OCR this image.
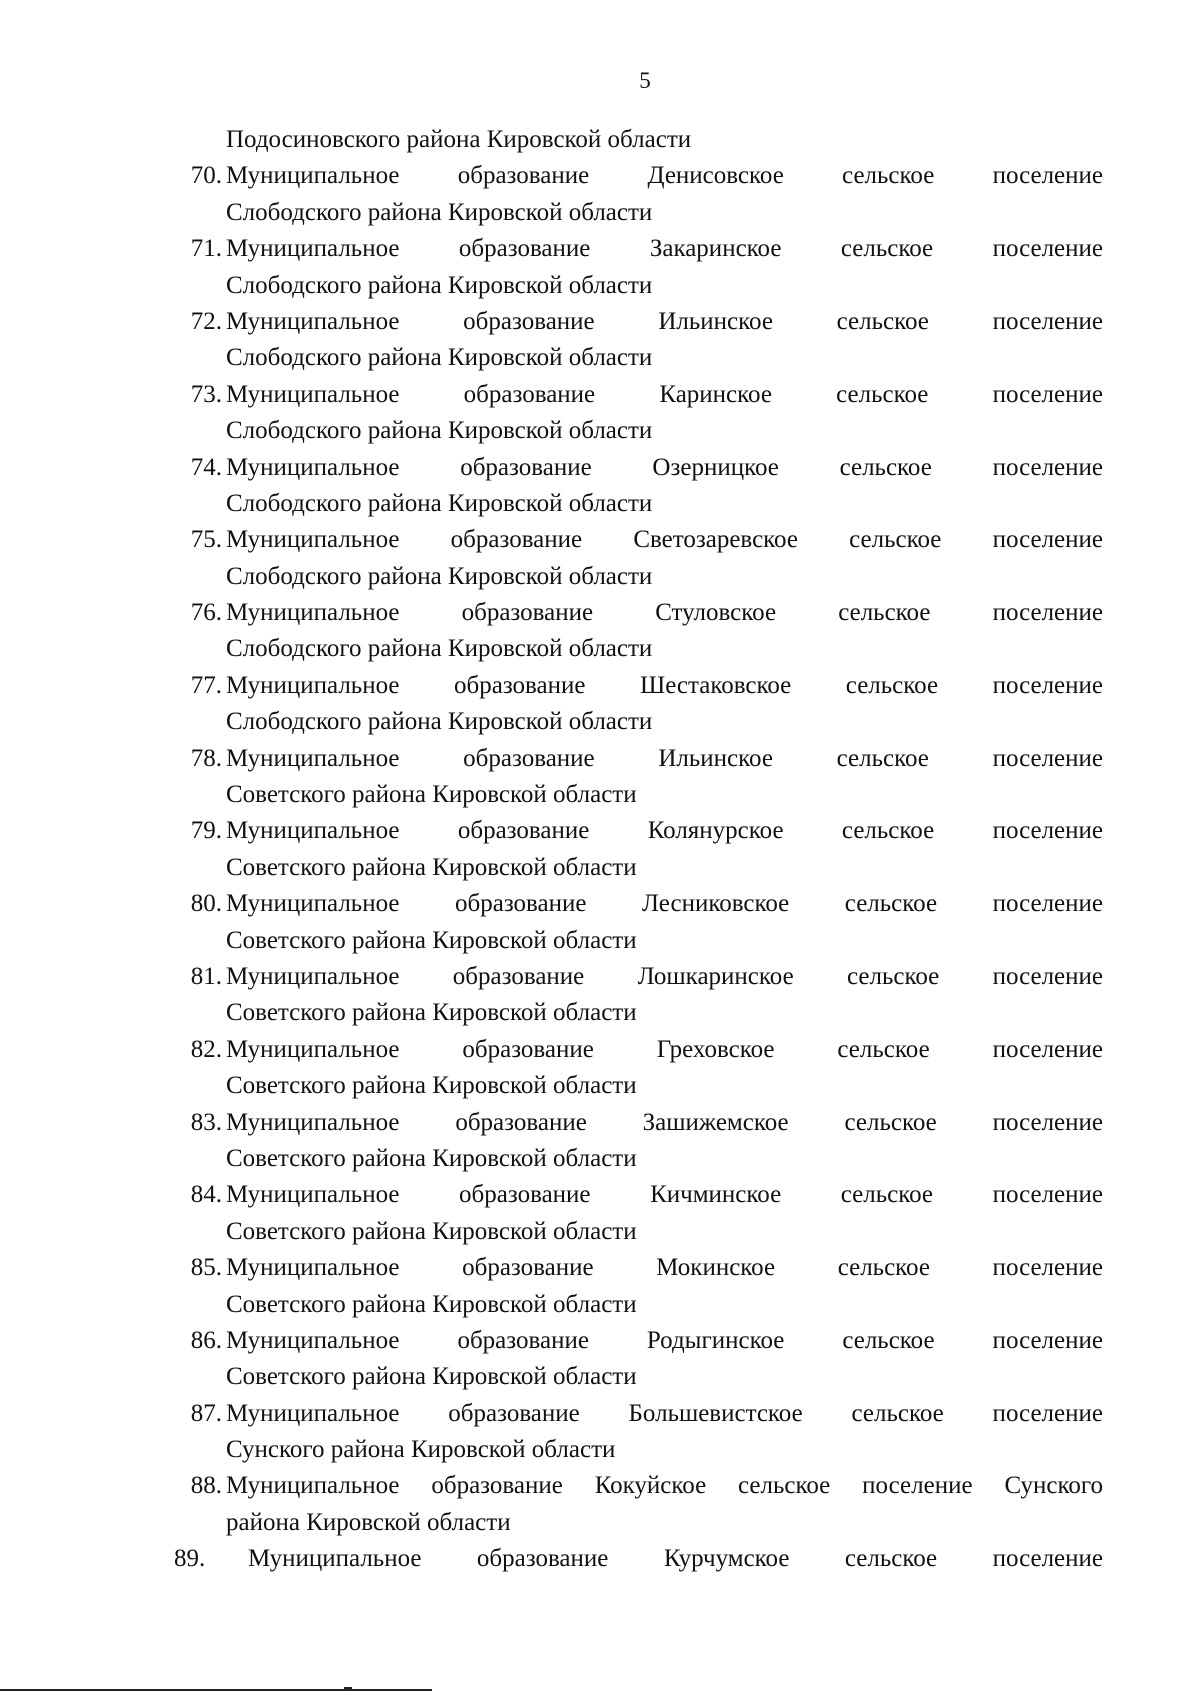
5
Подосиновского района Кировской области
70. Муниципальное образование Денисовское сельское поселение
Слободского района Кировской области
71. Муниципальное образование Закаринское сельское поселение
Слободского района Кировской области
72. Муниципальное образование Ильинское сельское поселение
Слободского района Кировской области
73. Муниципальное образование Каринское сельское поселение
Слободского района Кировской области
74. Муниципальное образование Озерницкое сельское поселение
Слободского района Кировской области
75. Муниципальное образование Светозаревское сельское поселение
Слободского района Кировской области
76. Муниципальное образование Стуловское сельское поселение
Слободского района Кировской области
77. Муниципальное образование Шестаковское сельское поселение
Слободского района Кировской области
78. Муниципальное образование Ильинское сельское поселение
Советского района Кировской области
79. Муниципальное образование Колянурское сельское поселение
Советского района Кировской области
80. Муниципальное образование Лесниковское сельское поселение
Советского района Кировской области
81. Муниципальное образование Лошкаринское сельское поселение
Советского района Кировской области
82. Муниципальное образование Греховское сельское поселение
Советского района Кировской области
83. Муниципальное образование Зашижемское сельское поселение
Советского района Кировской области
84. Муниципальное образование Кичминское сельское поселение
Советского района Кировской области
85. Муниципальное образование Мокинское сельское поселение
Советского района Кировской области
86. Муниципальное образование Родыгинское сельское поселение
Советского района Кировской области
87. Муниципальное образование Большевистское сельское поселение
Сунского района Кировской области
88. Муниципальное образование Кокуйское сельское поселение Сунского
района Кировской области
89.	Муниципальное образование Курчумское сельское поселение
